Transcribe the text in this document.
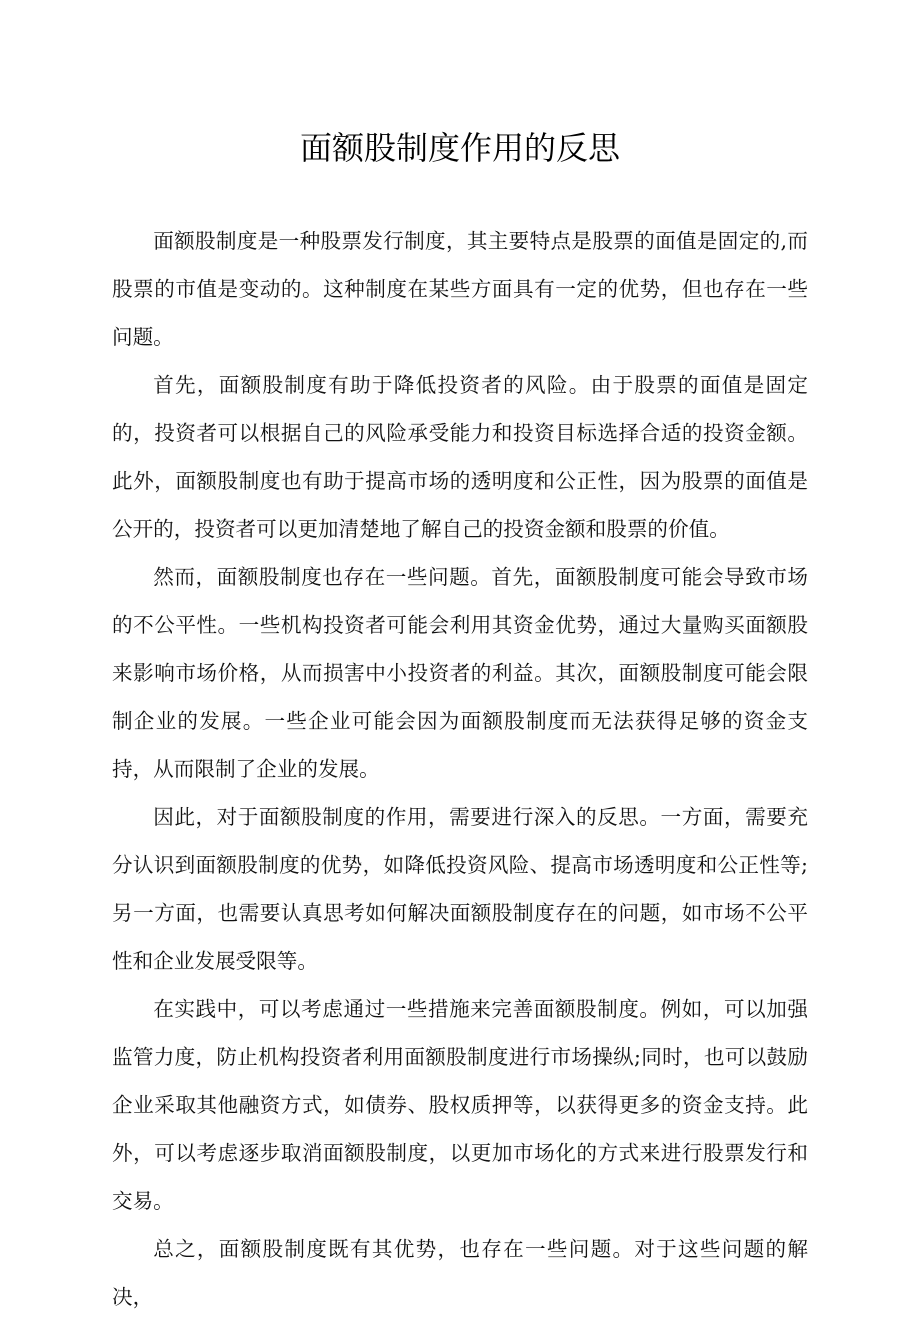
面额股制度作用的反思

面额股制度是一种股票发行制度，其主要特点是股票的面值是固定的,而股票的市值是变动的。这种制度在某些方面具有一定的优势，但也存在一些问题。

首先，面额股制度有助于降低投资者的风险。由于股票的面值是固定的，投资者可以根据自己的风险承受能力和投资目标选择合适的投资金额。此外，面额股制度也有助于提高市场的透明度和公正性，因为股票的面值是公开的，投资者可以更加清楚地了解自己的投资金额和股票的价值。

然而，面额股制度也存在一些问题。首先，面额股制度可能会导致市场的不公平性。一些机构投资者可能会利用其资金优势，通过大量购买面额股来影响市场价格，从而损害中小投资者的利益。其次，面额股制度可能会限制企业的发展。一些企业可能会因为面额股制度而无法获得足够的资金支持，从而限制了企业的发展。

因此，对于面额股制度的作用，需要进行深入的反思。一方面，需要充分认识到面额股制度的优势，如降低投资风险、提高市场透明度和公正性等;另一方面，也需要认真思考如何解决面额股制度存在的问题，如市场不公平性和企业发展受限等。

在实践中，可以考虑通过一些措施来完善面额股制度。例如，可以加强监管力度，防止机构投资者利用面额股制度进行市场操纵;同时，也可以鼓励企业采取其他融资方式，如债券、股权质押等，以获得更多的资金支持。此外，可以考虑逐步取消面额股制度，以更加市场化的方式来进行股票发行和交易。

总之，面额股制度既有其优势，也存在一些问题。对于这些问题的解决，
